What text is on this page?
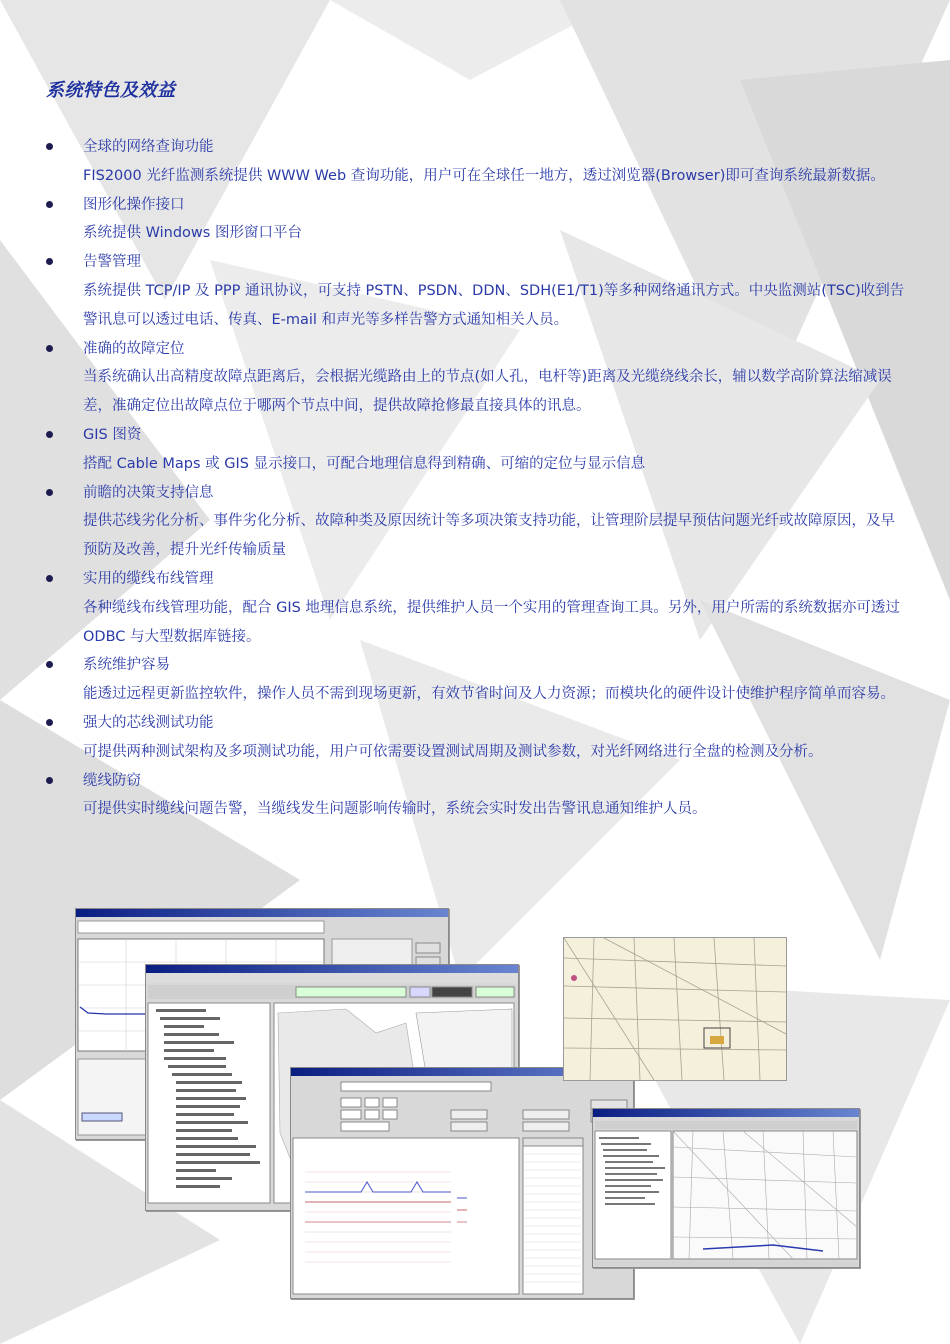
系统特色及效益
全球的网络查询功能
FIS2000 光纤监测系统提供 WWW Web 查询功能，用户可在全球任一地方，透过浏览器(Browser)即可查询系统最新数据。
图形化操作接口
系统提供 Windows 图形窗口平台
告警管理
系统提供 TCP/IP 及 PPP 通讯协议，可支持 PSTN、PSDN、DDN、SDH(E1/T1)等多种网络通讯方式。中央监测站(TSC)收到告警讯息可以透过电话、传真、E-mail 和声光等多样告警方式通知相关人员。
准确的故障定位
当系统确认出高精度故障点距离后，会根据光缆路由上的节点(如人孔，电杆等)距离及光缆绕线余长，辅以数学高阶算法缩减误差，准确定位出故障点位于哪两个节点中间，提供故障抢修最直接具体的讯息。
GIS 图资
搭配 Cable Maps 或 GIS 显示接口，可配合地理信息得到精确、可缩的定位与显示信息
前瞻的决策支持信息
提供芯线劣化分析、事件劣化分析、故障种类及原因统计等多项决策支持功能，让管理阶层提早预估问题光纤或故障原因，及早预防及改善，提升光纤传输质量
实用的缆线布线管理
各种缆线布线管理功能，配合 GIS 地理信息系统，提供维护人员一个实用的管理查询工具。另外，用户所需的系统数据亦可透过 ODBC 与大型数据库链接。
系统维护容易
能透过远程更新监控软件，操作人员不需到现场更新，有效节省时间及人力资源；而模块化的硬件设计使维护程序简单而容易。
强大的芯线测试功能
可提供两种测试架构及多项测试功能，用户可依需要设置测试周期及测试参数，对光纤网络进行全盘的检测及分析。
缆线防窃
可提供实时缆线问题告警，当缆线发生问题影响传输时，系统会实时发出告警讯息通知维护人员。
